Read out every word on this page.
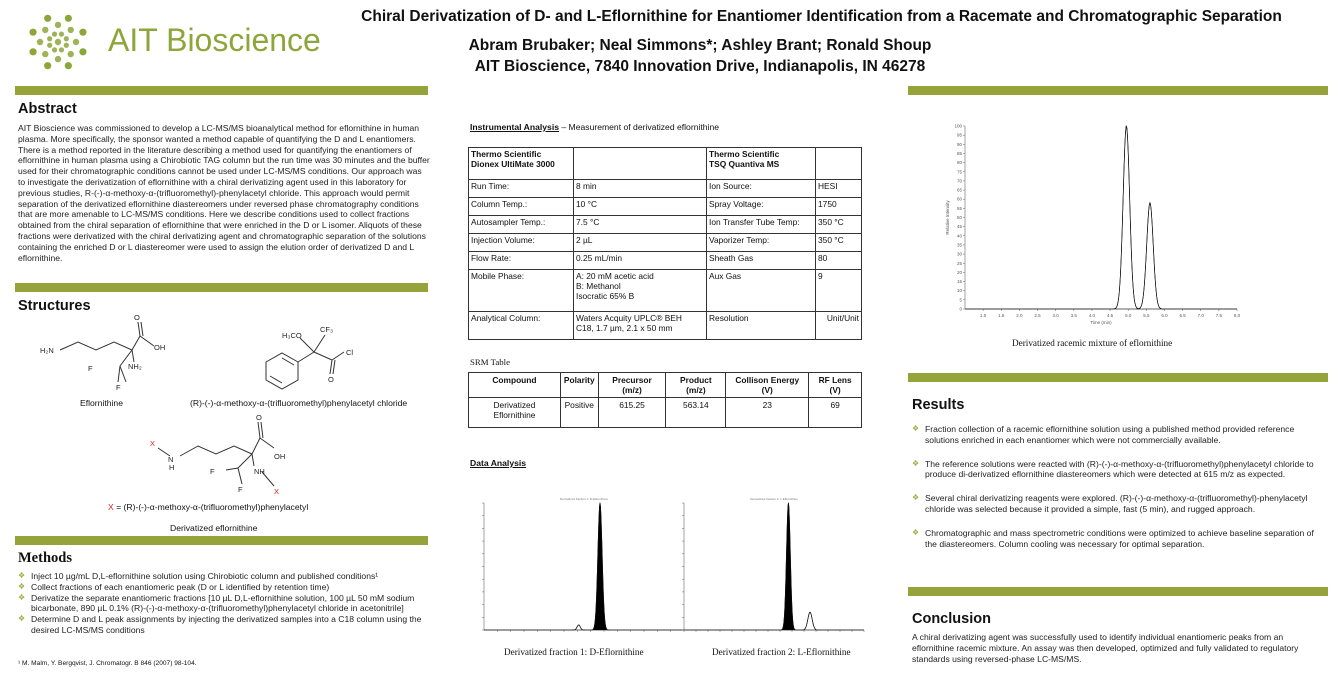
AIT Bioscience
Chiral Derivatization of D- and L-Eflornithine for Enantiomer Identification from a Racemate and Chromatographic Separation
Abram Brubaker; Neal Simmons*; Ashley Brant; Ronald Shoup
AIT Bioscience, 7840 Innovation Drive, Indianapolis, IN 46278
Abstract
AIT Bioscience was commissioned to develop a LC-MS/MS bioanalytical method for eflornithine in human plasma. More specifically, the sponsor wanted a method capable of quantifying the D and L enantiomers. There is a method reported in the literature describing a method used for quantifying the enantiomers of eflornithine in human plasma using a Chirobiotic TAG column but the run time was 30 minutes and the buffer used for their chromatographic conditions cannot be used under LC-MS/MS conditions. Our approach was to investigate the derivatization of eflornithine with a chiral derivatizing agent used in this laboratory for previous studies, R-(-)-α-methoxy-α-(trifluoromethyl)-phenylacetyl chloride. This approach would permit separation of the derivatized eflornithine diastereomers under reversed phase chromatography conditions that are more amenable to LC-MS/MS conditions. Here we describe conditions used to collect fractions obtained from the chiral separation of eflornithine that were enriched in the D or L isomer. Aliquots of these fractions were derivatized with the chiral derivatizing agent and chromatographic separation of the solutions containing the enriched D or L diastereomer were used to assign the elution order of derivatized D and L eflornithine.
Structures
H₂N
O
OH
NH₂
F
F
H₃CO
CF₃
O
Cl
X
N
H
O
OH
NH
F
F	X
Eflornithine	(R)-(-)-α-methoxy-α-(trifluoromethyl)phenylacetyl chloride
X = (R)-(-)-α-methoxy-α-(trifluoromethyl)phenylacetyl
Derivatized eflornithine
Methods
❖ Inject 10 µg/mL D,L-eflornithine solution using Chirobiotic column and published conditions¹
❖ Collect fractions of each enantiomeric peak (D or L identified by retention time)
❖ Derivatize the separate enantiomeric fractions [10 µL D,L-eflornithine solution, 100 µL 50 mM sodium bicarbonate, 890 µL 0.1% (R)-(-)-α-methoxy-α-(trifluoromethyl)phenylacetyl chloride in acetonitrile]
❖ Determine D and L peak assignments by injecting the derivatized samples into a C18 column using the desired LC-MS/MS conditions
¹ M. Malm, Y. Bergqvist, J. Chromatogr. B 846 (2007) 98-104.
Instrumental Analysis – Measurement of derivatized eflornithine
Thermo Scientific
Dionex UltiMate 3000		Thermo Scientific
TSQ Quantiva MS	
Run Time:	8 min	Ion Source:	HESI
Column Temp.:	10 °C	Spray Voltage:	1750
Autosampler Temp.:	7.5 °C	Ion Transfer Tube Temp:	350 °C
Injection Volume:	2 µL	Vaporizer Temp:	350 °C
Flow Rate:	0.25 mL/min	Sheath Gas	80
Mobile Phase:	A: 20 mM acetic acid
B: Methanol
Isocratic 65% B	Aux Gas	9
Analytical Column:	Waters Acquity UPLC® BEH
C18, 1.7 µm, 2.1 x 50 mm	Resolution	Unit/Unit
SRM Table
Compound	Polarity	Precursor (m/z)	Product (m/z)	Collison Energy (V)	RF Lens (V)
Derivatized Eflornithine	Positive	615.25	563.14	23	69
Data Analysis
Derivatized fraction 1: D-Eflornithine	Derivatized fraction 2: L-Eflornithine
Derivatized fraction 1: D-Eflornithine	Derivatized fraction 2: L-Eflornithine
0
5
10
15
20
25
30
35
40
45
50
55
60
65
70
75
80
85
90
95
100
1.0	1.5	2.0	2.5	3.0	3.5	4.0	4.5	5.0	5.5	6.0	6.5	7.0	7.5	8.0
Time (min)
Relative Intensity
Derivatized racemic mixture of eflornithine
Results
❖ Fraction collection of a racemic eflornithine solution using a published method provided reference solutions enriched in each enantiomer which were not commercially available.
❖ The reference solutions were reacted with (R)-(-)-α-methoxy-α-(trifluoromethyl)phenylacetyl chloride to produce di-derivatized eflornithine diastereomers which were detected at 615 m/z as expected.
❖ Several chiral derivatizing reagents were explored. (R)-(-)-α-methoxy-α-(trifluoromethyl)-phenylacetyl chloride was selected because it provided a simple, fast (5 min), and rugged approach.
❖ Chromatographic and mass spectrometric conditions were optimized to achieve baseline separation of the diastereomers. Column cooling was necessary for optimal separation.
Conclusion
A chiral derivatizing agent was successfully used to identify individual enantiomeric peaks from an eflornithine racemic mixture. An assay was then developed, optimized and fully validated to regulatory standards using reversed-phase LC-MS/MS.
